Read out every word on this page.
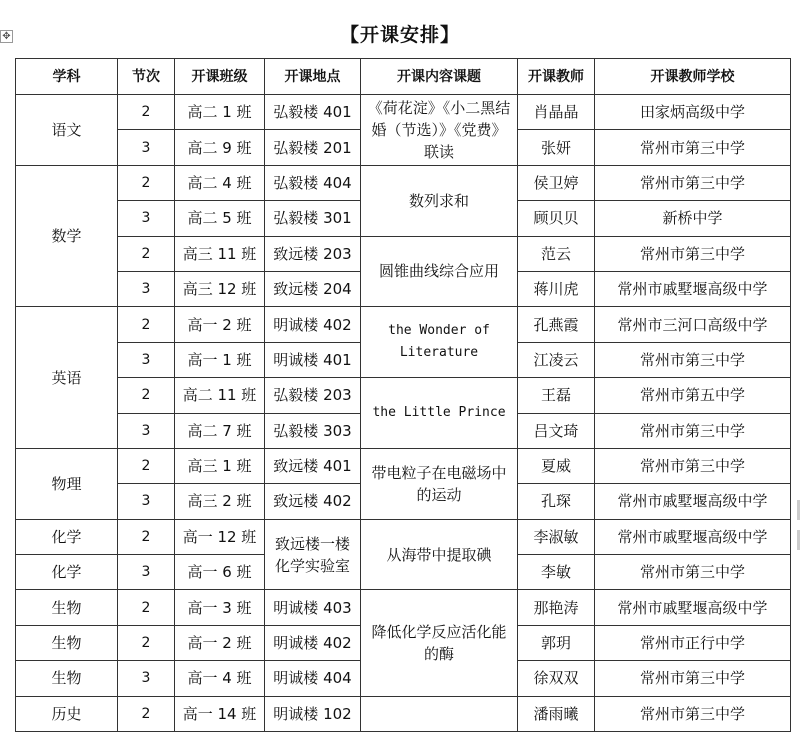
✥	【开课安排】
学科	节次	开课班级	开课地点	开课内容课题	开课教师	开课教师学校
语文	2	高二 1 班	弘毅楼 401	《荷花淀》《小二黑结婚（节选）》《党费》联读	肖晶晶	田家炳高级中学
	3	高二 9 班	弘毅楼 201		张妍	常州市第三中学
数学	2	高二 4 班	弘毅楼 404	数列求和	侯卫婷	常州市第三中学
	3	高二 5 班	弘毅楼 301		顾贝贝	新桥中学
	2	高三 11 班	致远楼 203	圆锥曲线综合应用	范云	常州市第三中学
	3	高三 12 班	致远楼 204		蒋川虎	常州市戚墅堰高级中学
英语	2	高一 2 班	明诚楼 402	the Wonder of Literature	孔燕霞	常州市三河口高级中学
	3	高一 1 班	明诚楼 401		江凌云	常州市第三中学
	2	高二 11 班	弘毅楼 203	the Little Prince	王磊	常州市第五中学
	3	高二 7 班	弘毅楼 303		吕文琦	常州市第三中学
物理	2	高三 1 班	致远楼 401	带电粒子在电磁场中的运动	夏威	常州市第三中学
	3	高三 2 班	致远楼 402		孔琛	常州市戚墅堰高级中学
化学	2	高一 12 班	致远楼一楼化学实验室	从海带中提取碘	李淑敏	常州市戚墅堰高级中学
化学	3	高一 6 班			李敏	常州市第三中学
生物	2	高一 3 班	明诚楼 403	降低化学反应活化能的酶	那艳涛	常州市戚墅堰高级中学
生物	2	高一 2 班	明诚楼 402		郭玥	常州市正行中学
生物	3	高一 4 班	明诚楼 404		徐双双	常州市第三中学
历史	2	高一 14 班	明诚楼 102		潘雨曦	常州市第三中学
